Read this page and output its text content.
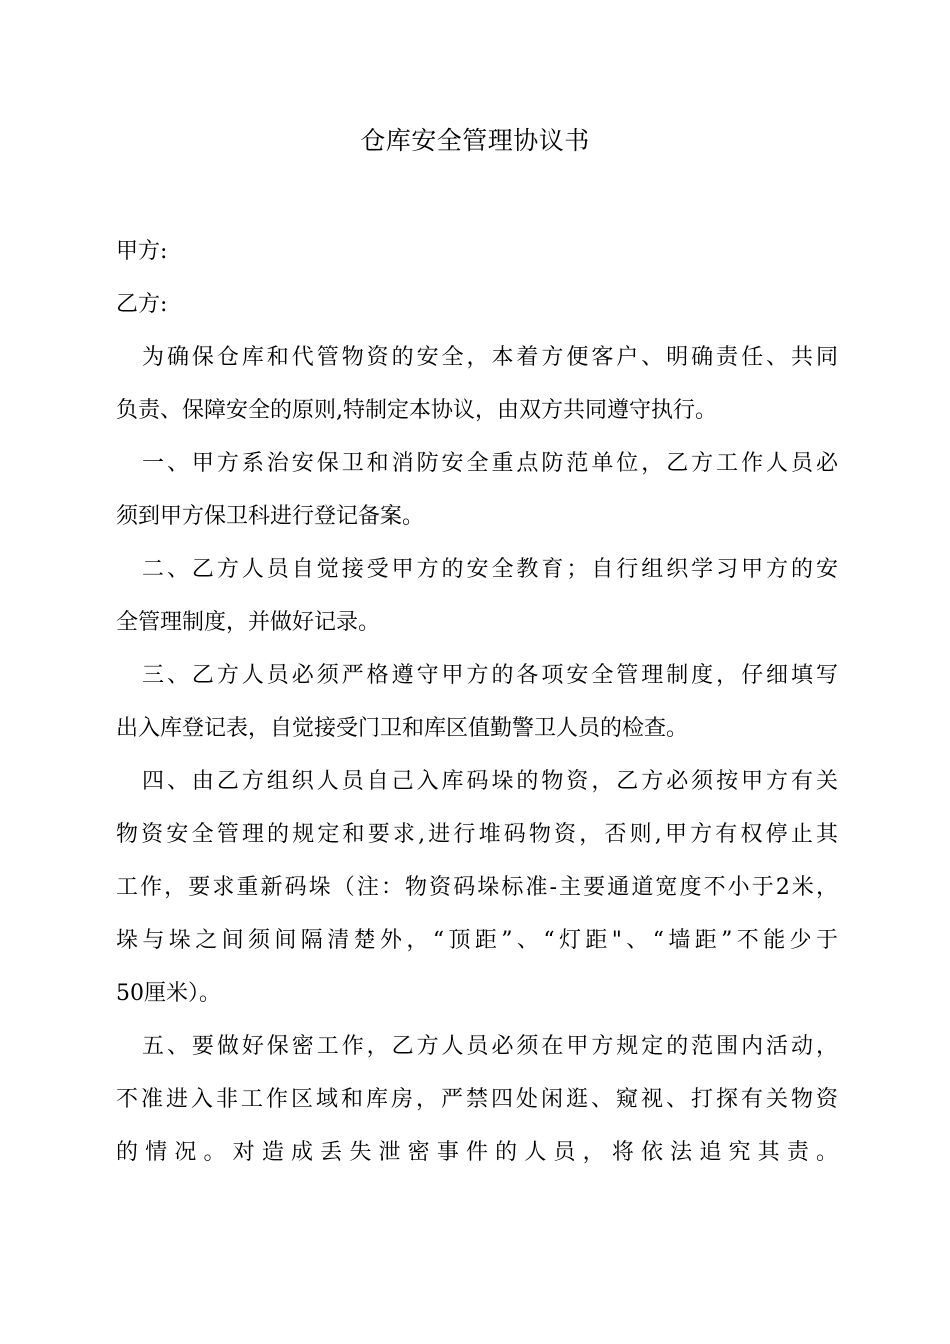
仓库安全管理协议书
甲方:
乙方:
为确保仓库和代管物资的安全，本着方便客户、明确责任、共同
负责、保障安全的原则,特制定本协议，由双方共同遵守执行。
一、甲方系治安保卫和消防安全重点防范单位，乙方工作人员必
须到甲方保卫科进行登记备案。
二、乙方人员自觉接受甲方的安全教育；自行组织学习甲方的安
全管理制度，并做好记录。
三、乙方人员必须严格遵守甲方的各项安全管理制度，仔细填写
出入库登记表，自觉接受门卫和库区值勤警卫人员的检查。
四、由乙方组织人员自己入库码垛的物资，乙方必须按甲方有关
物资安全管理的规定和要求,进行堆码物资，否则,甲方有权停止其
工作，要求重新码垛（注：物资码垛标准-主要通道宽度不小于2米，
垛与垛之间须间隔清楚外，“顶距”、“灯距"、“墙距”不能少于
50厘米）。
五、要做好保密工作，乙方人员必须在甲方规定的范围内活动，
不准进入非工作区域和库房，严禁四处闲逛、窥视、打探有关物资
的情况。对造成丢失泄密事件的人员，将依法追究其责。
